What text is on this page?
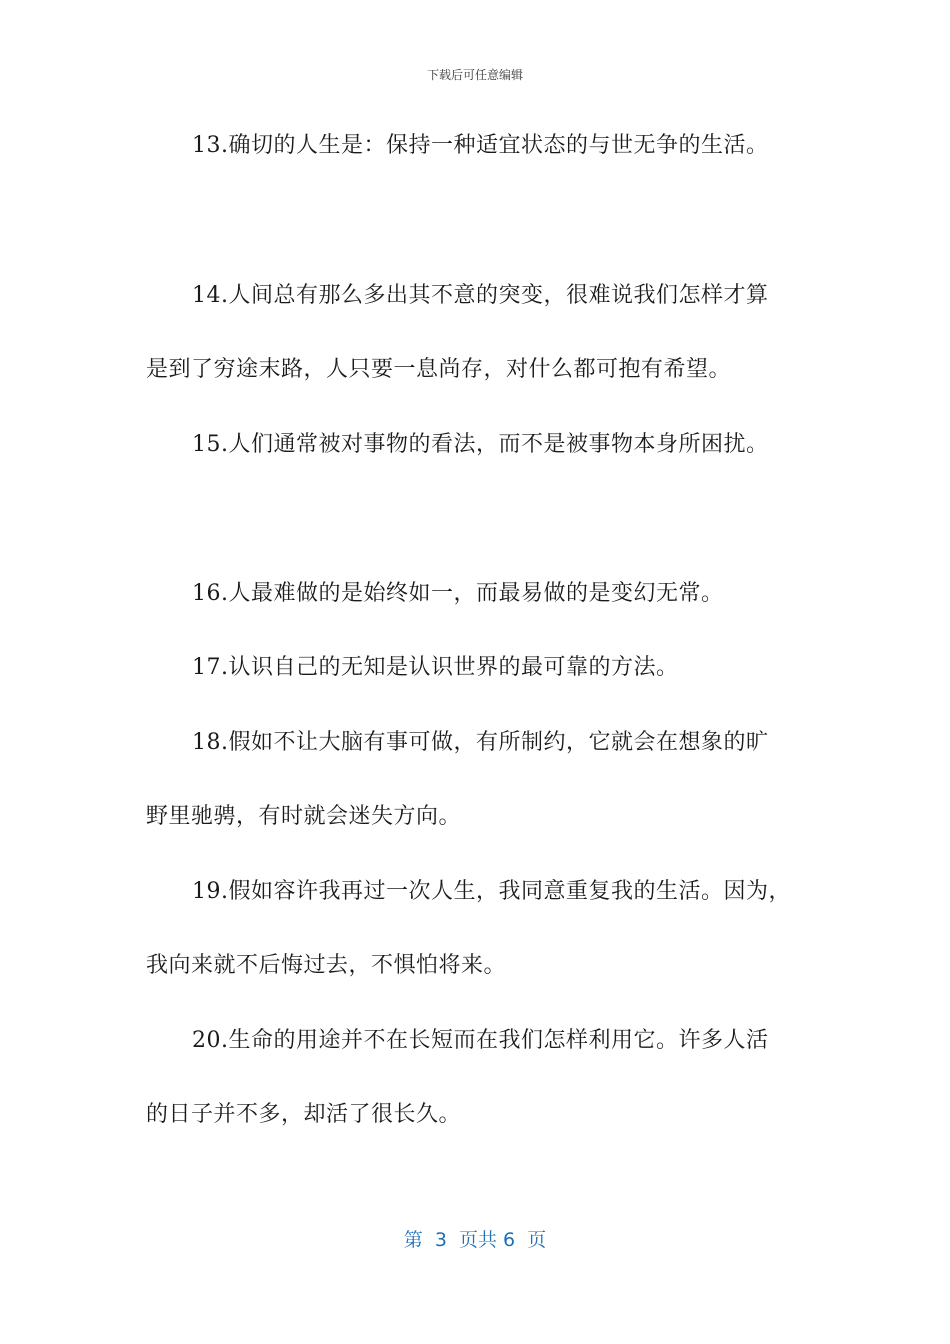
下载后可任意编辑
13.确切的人生是：保持一种适宜状态的与世无争的生活。
14.人间总有那么多出其不意的突变，很难说我们怎样才算
是到了穷途末路，人只要一息尚存，对什么都可抱有希望。
15.人们通常被对事物的看法，而不是被事物本身所困扰。
16.人最难做的是始终如一，而最易做的是变幻无常。
17.认识自己的无知是认识世界的最可靠的方法。
18.假如不让大脑有事可做，有所制约，它就会在想象的旷
野里驰骋，有时就会迷失方向。
19.假如容许我再过一次人生，我同意重复我的生活。因为，
我向来就不后悔过去，不惧怕将来。
20.生命的用途并不在长短而在我们怎样利用它。许多人活
的日子并不多，却活了很长久。
第  3  页共 6  页
